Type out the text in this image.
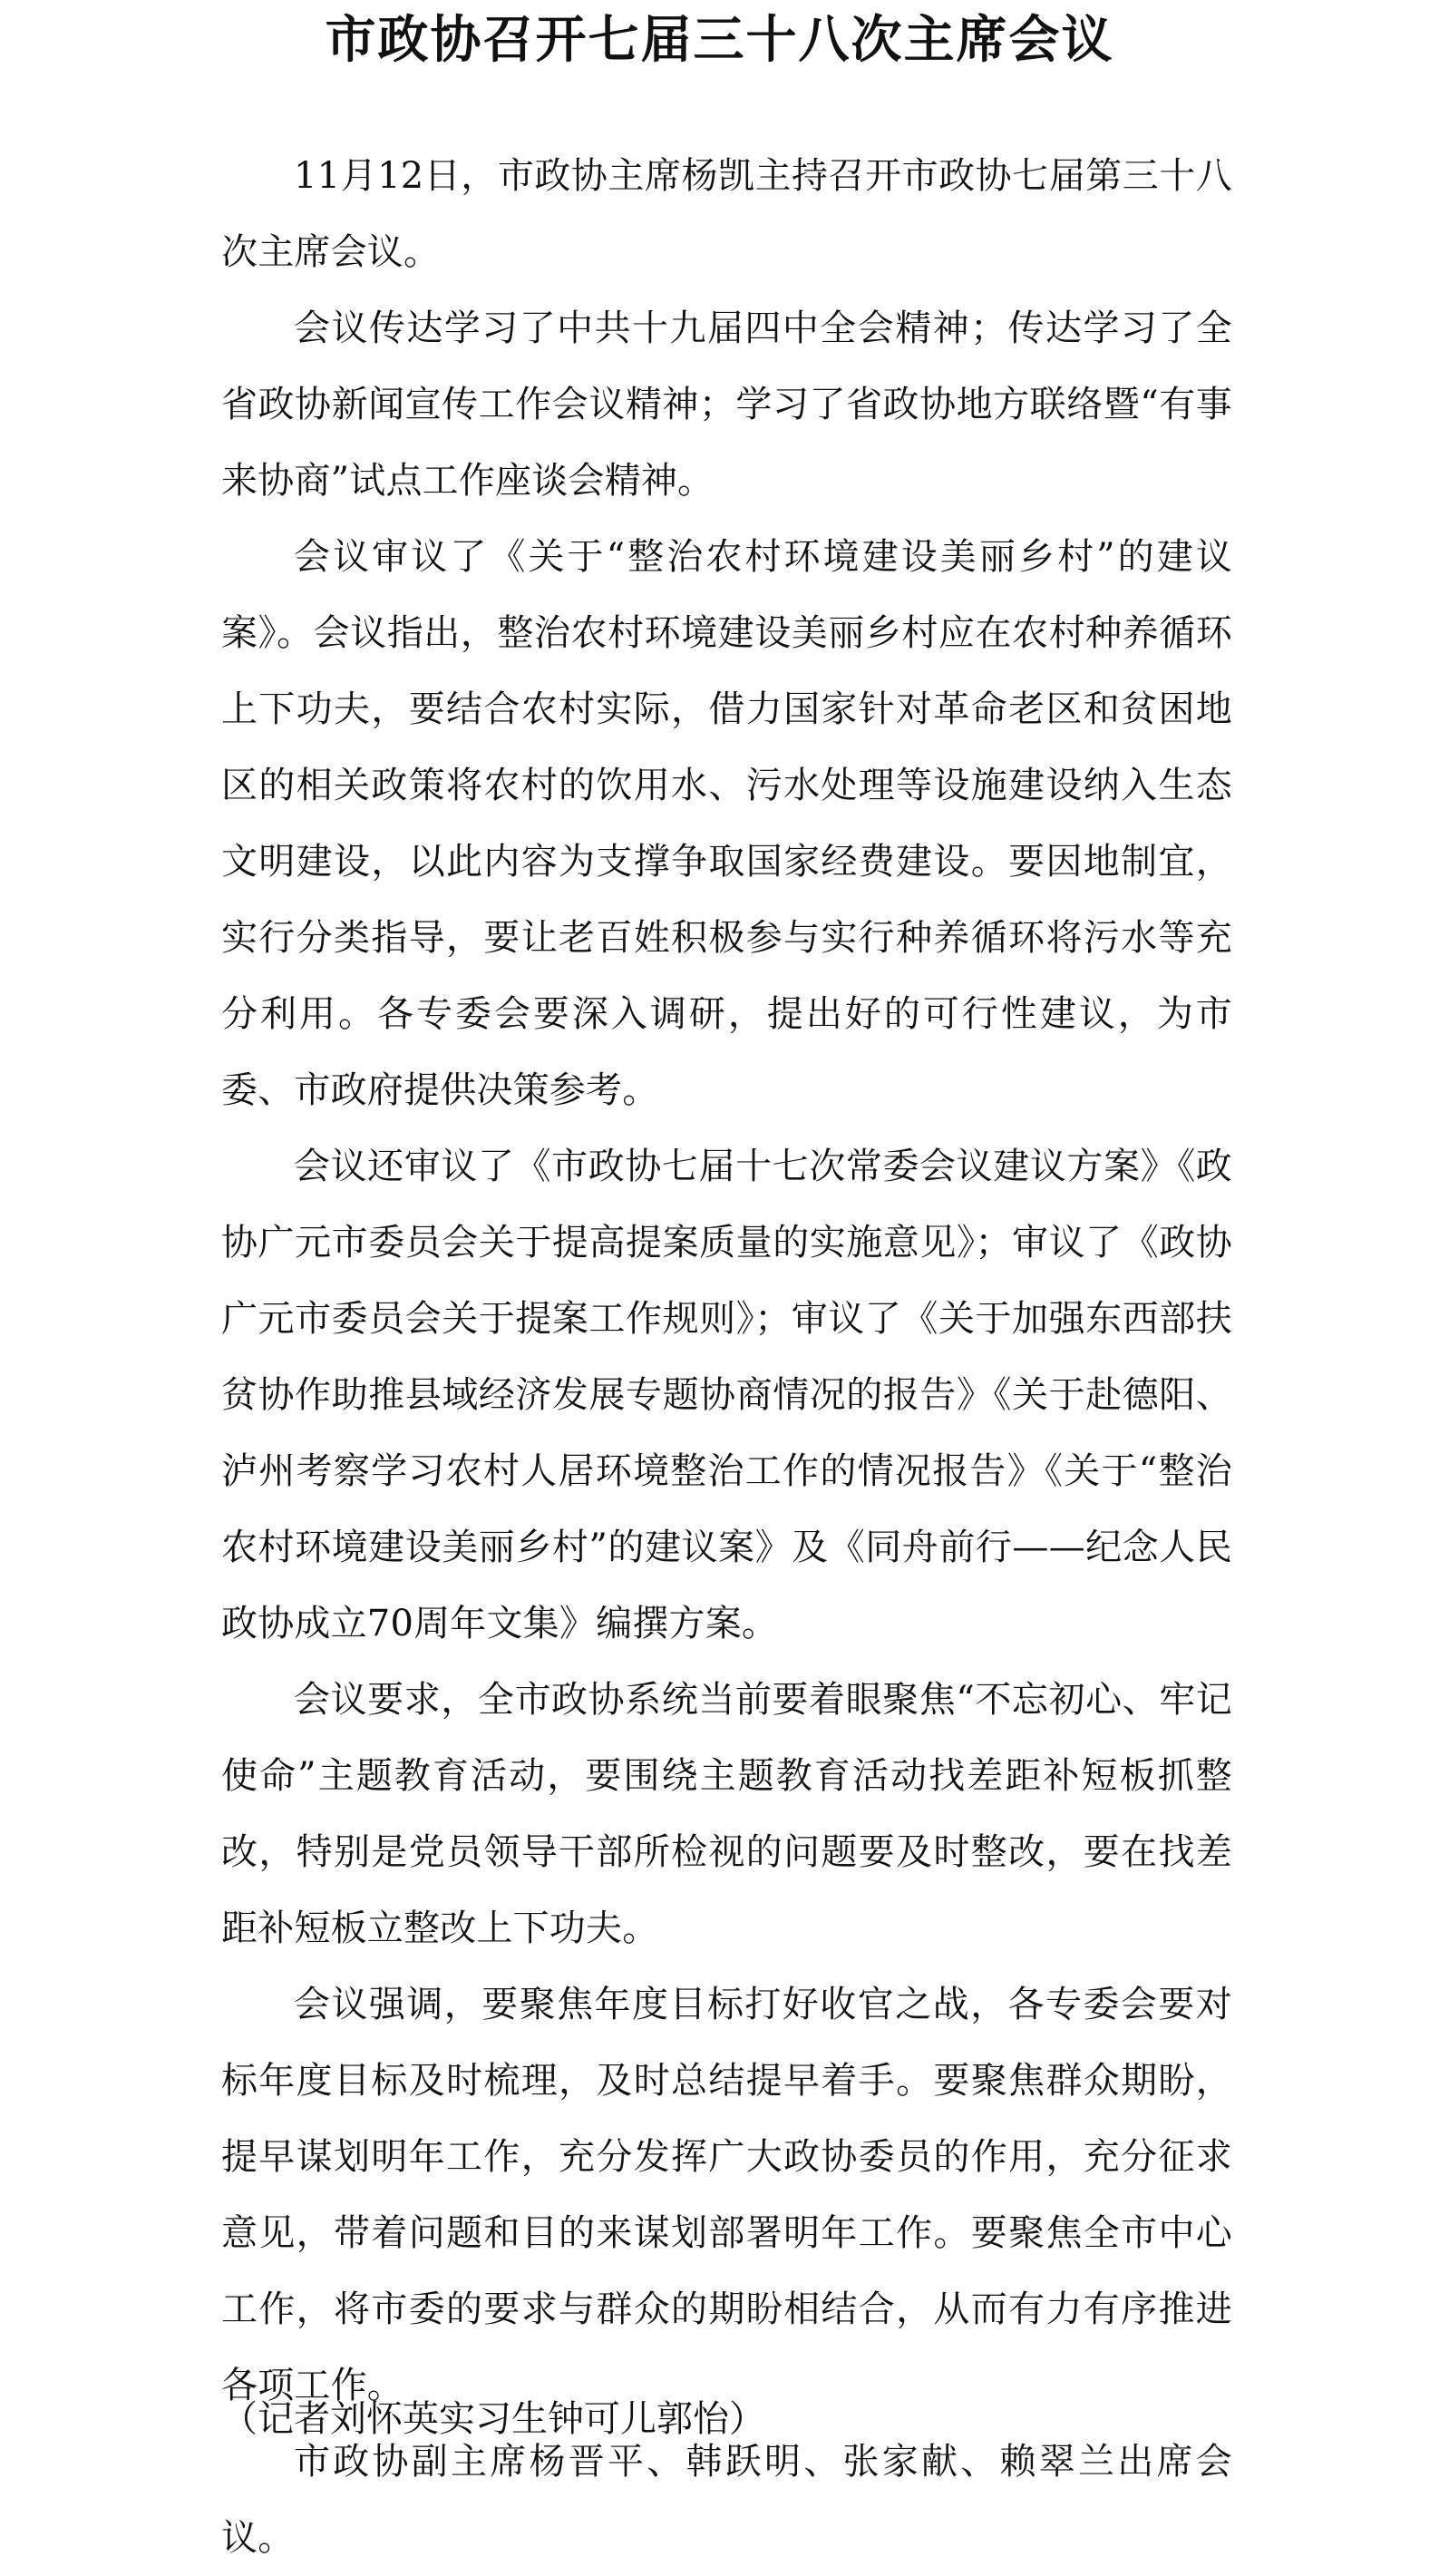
市政协召开七届三十八次主席会议

11月12日，市政协主席杨凯主持召开市政协七届第三十八次主席会议。

会议传达学习了中共十九届四中全会精神；传达学习了全省政协新闻宣传工作会议精神；学习了省政协地方联络暨“有事来协商”试点工作座谈会精神。

会议审议了《关于“整治农村环境建设美丽乡村”的建议案》。会议指出，整治农村环境建设美丽乡村应在农村种养循环上下功夫，要结合农村实际，借力国家针对革命老区和贫困地区的相关政策将农村的饮用水、污水处理等设施建设纳入生态文明建设，以此内容为支撑争取国家经费建设。要因地制宜，实行分类指导，要让老百姓积极参与实行种养循环将污水等充分利用。各专委会要深入调研，提出好的可行性建议，为市委、市政府提供决策参考。

会议还审议了《市政协七届十七次常委会议建议方案》《政协广元市委员会关于提高提案质量的实施意见》；审议了《政协广元市委员会关于提案工作规则》；审议了《关于加强东西部扶贫协作助推县域经济发展专题协商情况的报告》《关于赴德阳、泸州考察学习农村人居环境整治工作的情况报告》《关于“整治农村环境建设美丽乡村”的建议案》及《同舟前行——纪念人民政协成立70周年文集》编撰方案。

会议要求，全市政协系统当前要着眼聚焦“不忘初心、牢记使命”主题教育活动，要围绕主题教育活动找差距补短板抓整改，特别是党员领导干部所检视的问题要及时整改，要在找差距补短板立整改上下功夫。

会议强调，要聚焦年度目标打好收官之战，各专委会要对标年度目标及时梳理，及时总结提早着手。要聚焦群众期盼，提早谋划明年工作，充分发挥广大政协委员的作用，充分征求意见，带着问题和目的来谋划部署明年工作。要聚焦全市中心工作，将市委的要求与群众的期盼相结合，从而有力有序推进各项工作。

市政协副主席杨晋平、韩跃明、张家献、赖翠兰出席会议。

（记者刘怀英实习生钟可儿郭怡）
